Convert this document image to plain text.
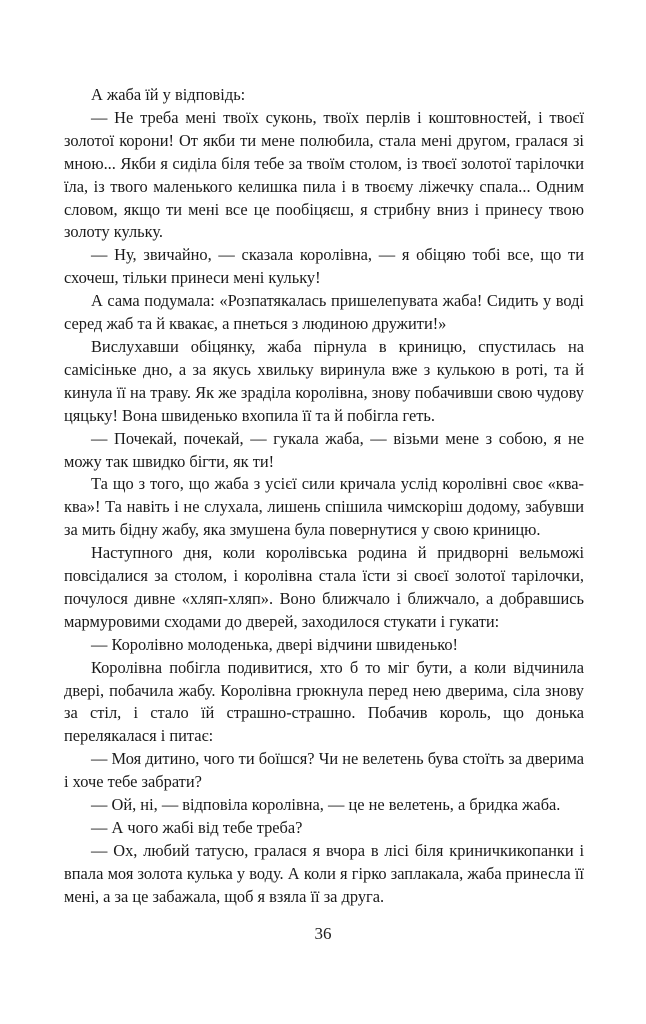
А жаба їй у відповідь:

— Не треба мені твоїх суконь, твоїх перлів і коштовностей, і твоєї золотої корони! От якби ти мене полюбила, стала мені другом, гралася зі мною... Якби я сиділа біля тебе за твоїм столом, із твоєї золотої тарілочки їла, із твого маленького келишка пила і в твоєму ліжечку спала... Одним словом, якщо ти мені все це пообіцяєш, я стрибну вниз і принесу твою золоту кульку.

— Ну, звичайно, — сказала королівна, — я обіцяю тобі все, що ти схочеш, тільки принеси мені кульку!

А сама подумала: «Розпатякалась пришелепувата жаба! Сидить у воді серед жаб та й квакає, а пнеться з людиною дружити!»

Вислухавши обіцянку, жаба пірнула в криницю, спустилась на самісіньке дно, а за якусь хвильку виринула вже з кулькою в роті, та й кинула її на траву. Як же зраділа королівна, знову побачивши свою чудову цяцьку! Вона швиденько вхопила її та й побігла геть.

— Почекай, почекай, — гукала жаба, — візьми мене з собою, я не можу так швидко бігти, як ти!

Та що з того, що жаба з усієї сили кричала услід королівні своє «ква-ква»! Та навіть і не слухала, лишень спішила чимскоріш додому, забувши за мить бідну жабу, яка змушена була повернутися у свою криницю.

Наступного дня, коли королівська родина й придворні вельможі повсідалися за столом, і королівна стала їсти зі своєї золотої тарілочки, почулося дивне «хляп-хляп». Воно ближчало і ближчало, а добравшись мармуровими сходами до дверей, заходилося стукати і гукати:

— Королівно молоденька, двері відчини швиденько!

Королівна побігла подивитися, хто б то міг бути, а коли відчинила двері, побачила жабу. Королівна грюкнула перед нею дверима, сіла знову за стіл, і стало їй страшно-страшно. Побачив король, що донька перелякалася і питає:

— Моя дитино, чого ти боїшся? Чи не велетень бува стоїть за дверима і хоче тебе забрати?

— Ой, ні, — відповіла королівна, — це не велетень, а бридка жаба.

— А чого жабі від тебе треба?

— Ох, любий татусю, гралася я вчора в лісі біля криничкикопанки і впала моя золота кулька у воду. А коли я гірко заплакала, жаба принесла її мені, а за це забажала, щоб я взяла її за друга.

36
